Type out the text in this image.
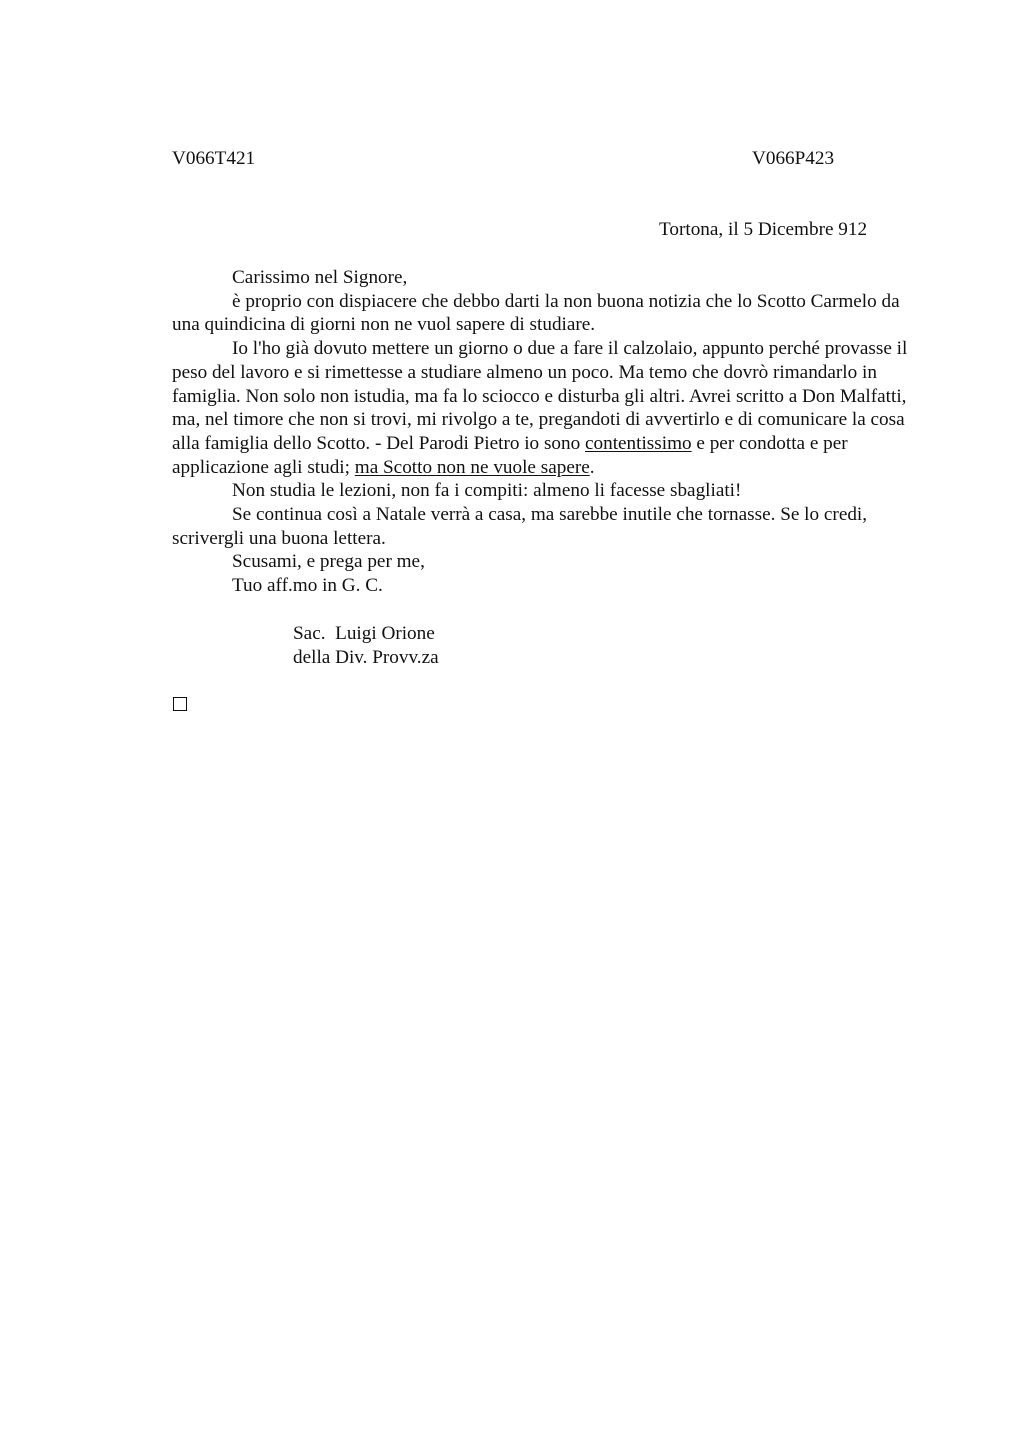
V066T421	V066P423
Tortona, il 5 Dicembre 912

Carissimo nel Signore,

è proprio con dispiacere che debbo darti la non buona notizia che lo Scotto Carmelo da una quindicina di giorni non ne vuol sapere di studiare.

Io l'ho già dovuto mettere un giorno o due a fare il calzolaio, appunto perché provasse il peso del lavoro e si rimettesse a studiare almeno un poco. Ma temo che dovrò rimandarlo in famiglia. Non solo non istudia, ma fa lo sciocco e disturba gli altri. Avrei scritto a Don Malfatti, ma, nel timore che non si trovi, mi rivolgo a te, pregandoti di avvertirlo e di comunicare la cosa alla famiglia dello Scotto. - Del Parodi Pietro io sono contentissimo e per condotta e per applicazione agli studi; ma Scotto non ne vuole sapere.

Non studia le lezioni, non fa i compiti: almeno li facesse sbagliati!

Se continua così a Natale verrà a casa, ma sarebbe inutile che tornasse. Se lo credi, scrivergli una buona lettera.

Scusami, e prega per me,

Tuo aff.mo in G. C.

Sac.  Luigi Orione
della Div. Provv.za
